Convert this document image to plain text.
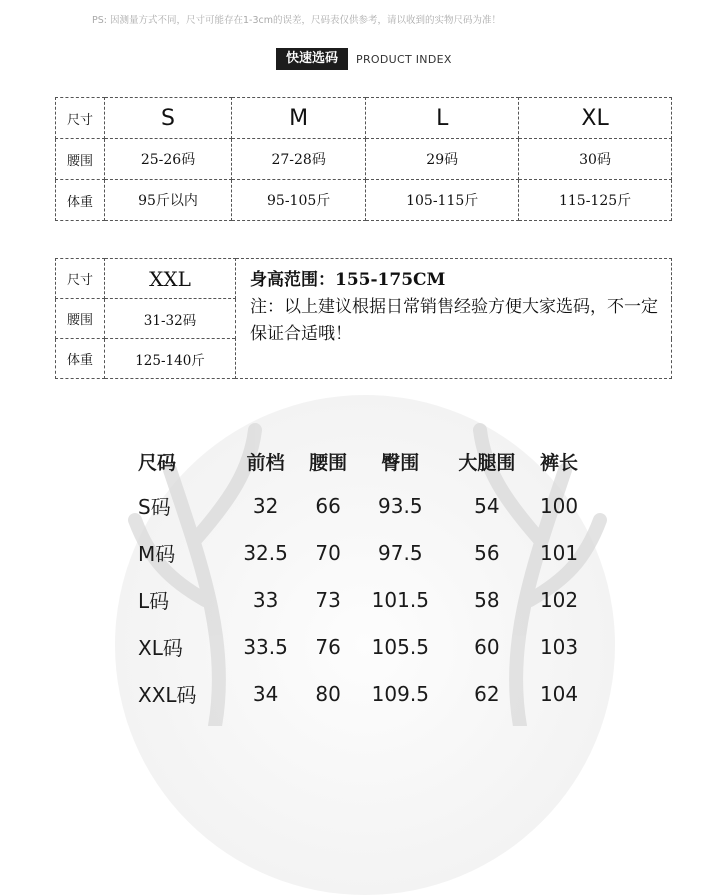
PS: 因测量方式不同，尺寸可能存在1-3cm的误差，尺码表仅供参考，请以收到的实物尺码为准！
快速选码	PRODUCT INDEX
尺寸	S	M	L	XL
腰围	25-26码	27-28码	29码	30码
体重	95斤以内	95-105斤	105-115斤	115-125斤
尺寸	XXL	身高范围：155-175CM
注：以上建议根据日常销售经验方便大家选码，不一定保证合适哦！

腰围	31-32码	
体重	125-140斤	
尺码	前档	腰围	臀围	大腿围	裤长
S码	32	66	93.5	54	100
M码	32.5	70	97.5	56	101
L码	33	73	101.5	58	102
XL码	33.5	76	105.5	60	103
XXL码	34	80	109.5	62	104
